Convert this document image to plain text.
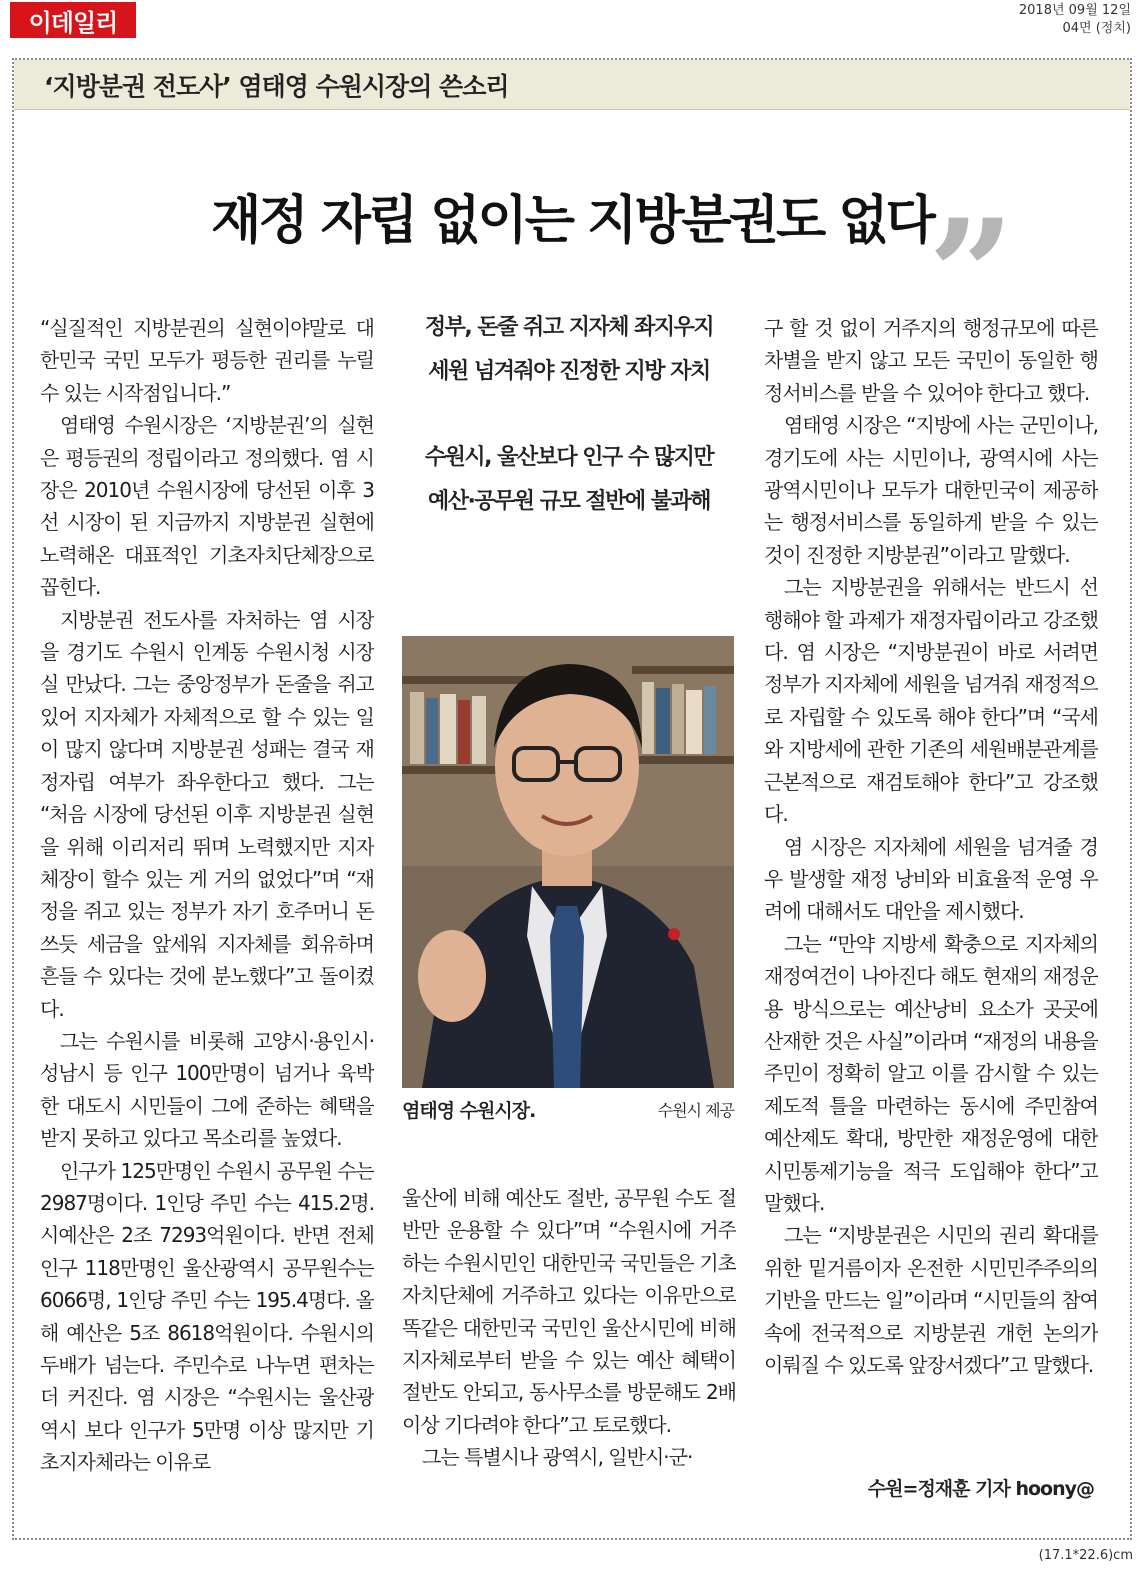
이데일리	2018년 09월 12일
04면 (정치)
‘지방분권 전도사’ 염태영 수원시장의 쓴소리
재정 자립 없이는 지방분권도 없다
”

“실질적인 지방분권의 실현이야말로 대한민국 국민 모두가 평등한 권리를 누릴 수 있는 시작점입니다.”

염태영 수원시장은 ‘지방분권’의 실현은 평등권의 정립이라고 정의했다. 염 시장은 2010년 수원시장에 당선된 이후 3선 시장이 된 지금까지 지방분권 실현에 노력해온 대표적인 기초자치단체장으로 꼽힌다.

지방분권 전도사를 자처하는 염 시장을 경기도 수원시 인계동 수원시청 시장실 만났다. 그는 중앙정부가 돈줄을 쥐고 있어 지자체가 자체적으로 할 수 있는 일이 많지 않다며 지방분권 성패는 결국 재정자립 여부가 좌우한다고 했다. 그는 “처음 시장에 당선된 이후 지방분권 실현을 위해 이리저리 뛰며 노력했지만 지자체장이 할수 있는 게 거의 없었다”며 “재정을 쥐고 있는 정부가 자기 호주머니 돈 쓰듯 세금을 앞세워 지자체를 회유하며 흔들 수 있다는 것에 분노했다”고 돌이켰다.

그는 수원시를 비롯해 고양시·용인시·성남시 등 인구 100만명이 넘거나 육박한 대도시 시민들이 그에 준하는 혜택을 받지 못하고 있다고 목소리를 높였다.

인구가 125만명인 수원시 공무원 수는 2987명이다. 1인당 주민 수는 415.2명. 시예산은 2조 7293억원이다. 반면 전체 인구 118만명인 울산광역시 공무원수는 6066명, 1인당 주민 수는 195.4명다. 올해 예산은 5조 8618억원이다. 수원시의 두배가 넘는다. 주민수로 나누면 편차는 더 커진다. 염 시장은 “수원시는 울산광역시 보다 인구가 5만명 이상 많지만 기초지자체라는 이유로

정부, 돈줄 쥐고 지자체 좌지우지
세원 넘겨줘야 진정한 지방 자치
수원시, 울산보다 인구 수 많지만
예산·공무원 규모 절반에 불과해
염태영 수원시장.	수원시 제공

울산에 비해 예산도 절반, 공무원 수도 절반만 운용할 수 있다”며 “수원시에 거주하는 수원시민인 대한민국 국민들은 기초자치단체에 거주하고 있다는 이유만으로 똑같은 대한민국 국민인 울산시민에 비해 지자체로부터 받을 수 있는 예산 혜택이 절반도 안되고, 동사무소를 방문해도 2배 이상 기다려야 한다”고 토로했다.

그는 특별시나 광역시, 일반시·군·

구 할 것 없이 거주지의 행정규모에 따른 차별을 받지 않고 모든 국민이 동일한 행정서비스를 받을 수 있어야 한다고 했다.

염태영 시장은 “지방에 사는 군민이나, 경기도에 사는 시민이나, 광역시에 사는 광역시민이나 모두가 대한민국이 제공하는 행정서비스를 동일하게 받을 수 있는 것이 진정한 지방분권”이라고 말했다.

그는 지방분권을 위해서는 반드시 선행해야 할 과제가 재정자립이라고 강조했다. 염 시장은 “지방분권이 바로 서려면 정부가 지자체에 세원을 넘겨줘 재정적으로 자립할 수 있도록 해야 한다”며 “국세와 지방세에 관한 기존의 세원배분관계를 근본적으로 재검토해야 한다”고 강조했다.

염 시장은 지자체에 세원을 넘겨줄 경우 발생할 재정 낭비와 비효율적 운영 우려에 대해서도 대안을 제시했다.

그는 “만약 지방세 확충으로 지자체의 재정여건이 나아진다 해도 현재의 재정운용 방식으로는 예산낭비 요소가 곳곳에 산재한 것은 사실”이라며 “재정의 내용을 주민이 정확히 알고 이를 감시할 수 있는 제도적 틀을 마련하는 동시에 주민참여 예산제도 확대, 방만한 재정운영에 대한 시민통제기능을 적극 도입해야 한다”고 말했다.

그는 “지방분권은 시민의 권리 확대를 위한 밑거름이자 온전한 시민민주주의의 기반을 만드는 일”이라며 “시민들의 참여 속에 전국적으로 지방분권 개헌 논의가 이뤄질 수 있도록 앞장서겠다”고 말했다.

수원=정재훈 기자 hoony@
(17.1*22.6)cm
